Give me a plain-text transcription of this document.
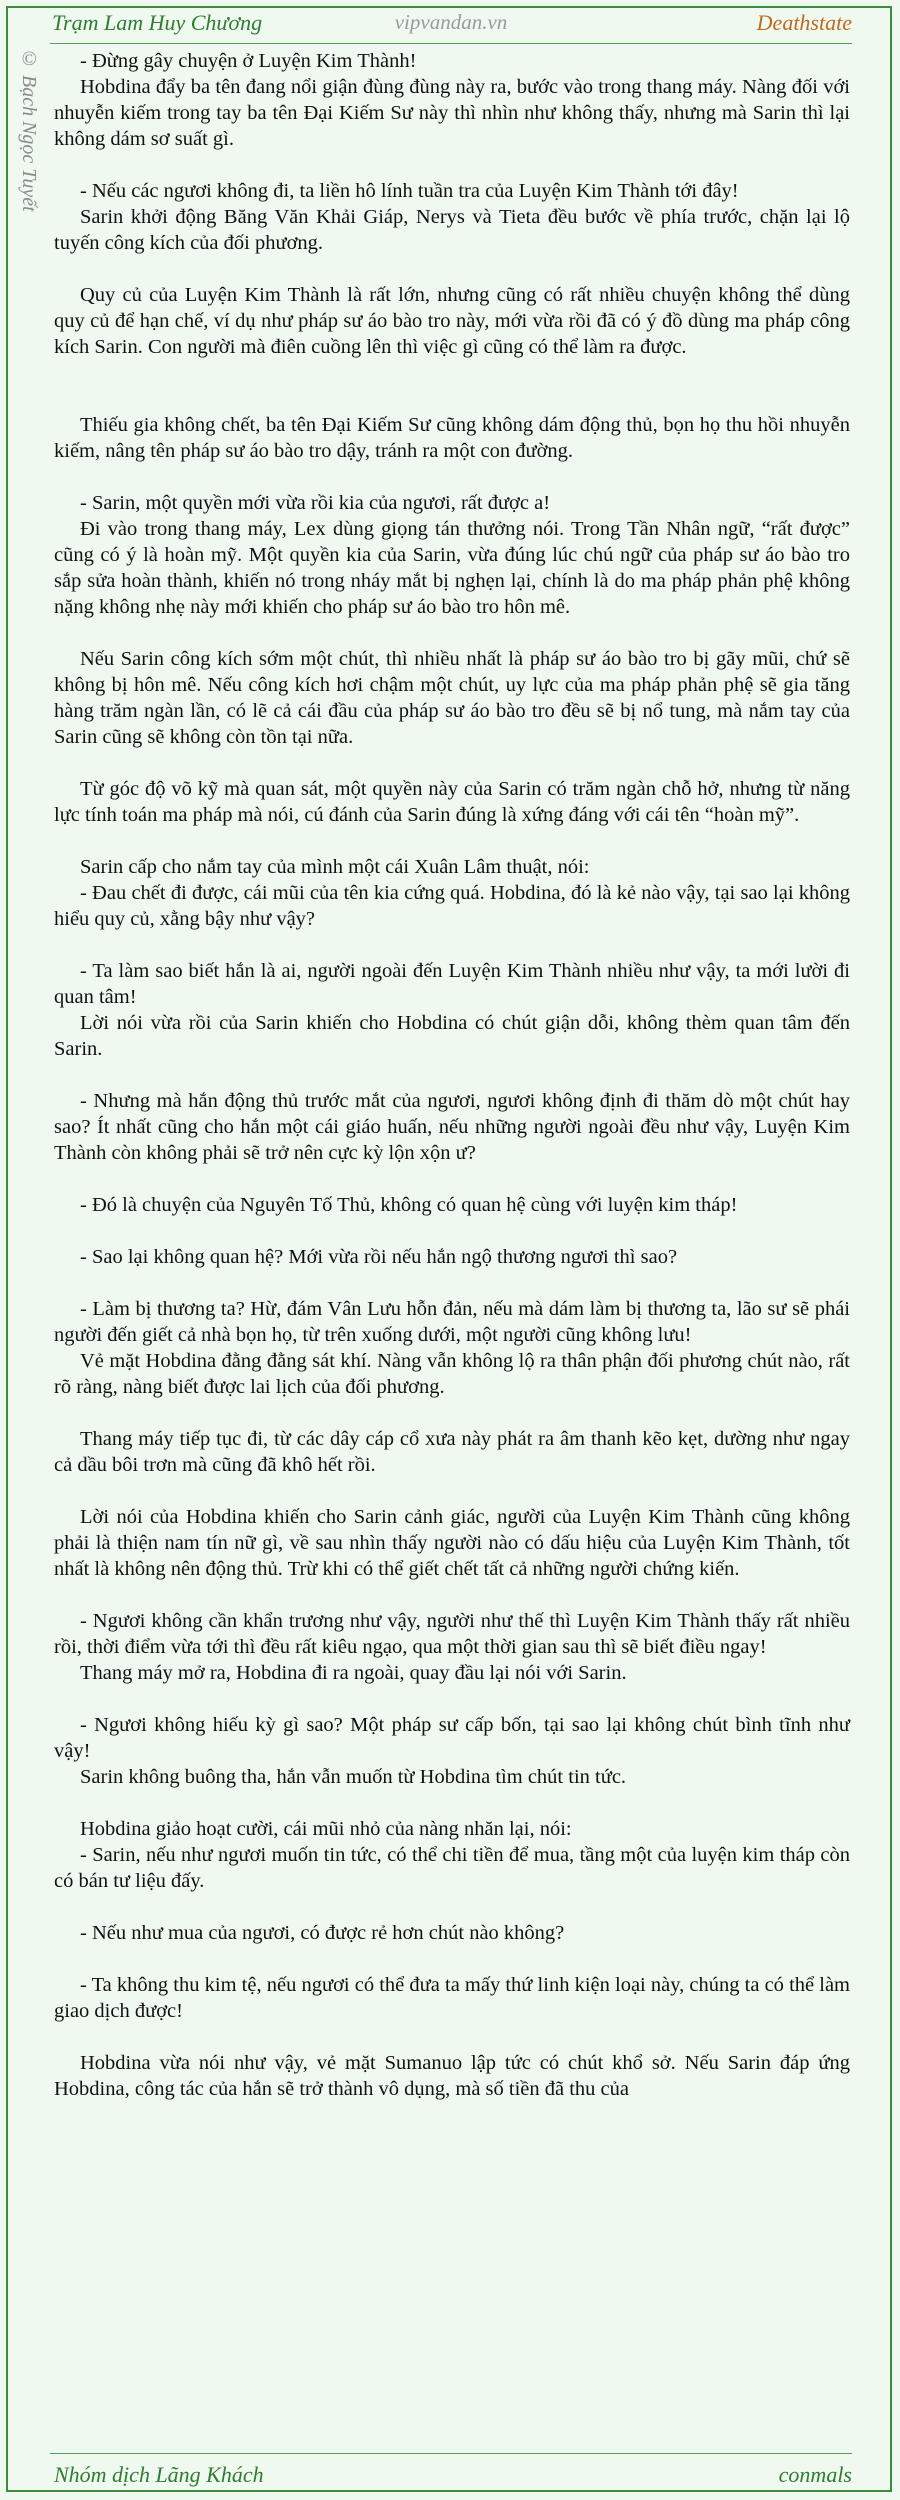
Trạm Lam Huy Chương	vipvandan.vn	Deathstate
© Bạch Ngọc Tuyết	- Đừng gây chuyện ở Luyện Kim Thành!

Hobdina đẩy ba tên đang nổi giận đùng đùng này ra, bước vào trong thang máy. Nàng đối với nhuyễn kiếm trong tay ba tên Đại Kiếm Sư này thì nhìn như không thấy, nhưng mà Sarin thì lại không dám sơ suất gì.

- Nếu các ngươi không đi, ta liền hô lính tuần tra của Luyện Kim Thành tới đây!

Sarin khởi động Băng Văn Khải Giáp, Nerys và Tieta đều bước về phía trước, chặn lại lộ tuyến công kích của đối phương.

Quy củ của Luyện Kim Thành là rất lớn, nhưng cũng có rất nhiều chuyện không thể dùng quy củ để hạn chế, ví dụ như pháp sư áo bào tro này, mới vừa rồi đã có ý đồ dùng ma pháp công kích Sarin. Con người mà điên cuồng lên thì việc gì cũng có thể làm ra được.

Thiếu gia không chết, ba tên Đại Kiếm Sư cũng không dám động thủ, bọn họ thu hồi nhuyễn kiếm, nâng tên pháp sư áo bào tro dậy, tránh ra một con đường.

- Sarin, một quyền mới vừa rồi kia của ngươi, rất được a!

Đi vào trong thang máy, Lex dùng giọng tán thưởng nói. Trong Tần Nhân ngữ, “rất được” cũng có ý là hoàn mỹ. Một quyền kia của Sarin, vừa đúng lúc chú ngữ của pháp sư áo bào tro sắp sửa hoàn thành, khiến nó trong nháy mắt bị nghẹn lại, chính là do ma pháp phản phệ không nặng không nhẹ này mới khiến cho pháp sư áo bào tro hôn mê.

Nếu Sarin công kích sớm một chút, thì nhiều nhất là pháp sư áo bào tro bị gãy mũi, chứ sẽ không bị hôn mê. Nếu công kích hơi chậm một chút, uy lực của ma pháp phản phệ sẽ gia tăng hàng trăm ngàn lần, có lẽ cả cái đầu của pháp sư áo bào tro đều sẽ bị nổ tung, mà nắm tay của Sarin cũng sẽ không còn tồn tại nữa.

Từ góc độ võ kỹ mà quan sát, một quyền này của Sarin có trăm ngàn chỗ hở, nhưng từ năng lực tính toán ma pháp mà nói, cú đánh của Sarin đúng là xứng đáng với cái tên “hoàn mỹ”.

Sarin cấp cho nắm tay của mình một cái Xuân Lâm thuật, nói:

- Đau chết đi được, cái mũi của tên kia cứng quá. Hobdina, đó là kẻ nào vậy, tại sao lại không hiểu quy củ, xằng bậy như vậy?

- Ta làm sao biết hắn là ai, người ngoài đến Luyện Kim Thành nhiều như vậy, ta mới lười đi quan tâm!

Lời nói vừa rồi của Sarin khiến cho Hobdina có chút giận dỗi, không thèm quan tâm đến Sarin.

- Nhưng mà hắn động thủ trước mắt của ngươi, ngươi không định đi thăm dò một chút hay sao? Ít nhất cũng cho hắn một cái giáo huấn, nếu những người ngoài đều như vậy, Luyện Kim Thành còn không phải sẽ trở nên cực kỳ lộn xộn ư?

- Đó là chuyện của Nguyên Tố Thủ, không có quan hệ cùng với luyện kim tháp!

- Sao lại không quan hệ? Mới vừa rồi nếu hắn ngộ thương ngươi thì sao?

- Làm bị thương ta? Hừ, đám Vân Lưu hỗn đản, nếu mà dám làm bị thương ta, lão sư sẽ phái người đến giết cả nhà bọn họ, từ trên xuống dưới, một người cũng không lưu!

Vẻ mặt Hobdina đằng đằng sát khí. Nàng vẫn không lộ ra thân phận đối phương chút nào, rất rõ ràng, nàng biết được lai lịch của đối phương.

Thang máy tiếp tục đi, từ các dây cáp cổ xưa này phát ra âm thanh kẽo kẹt, dường như ngay cả dầu bôi trơn mà cũng đã khô hết rồi.

Lời nói của Hobdina khiến cho Sarin cảnh giác, người của Luyện Kim Thành cũng không phải là thiện nam tín nữ gì, về sau nhìn thấy người nào có dấu hiệu của Luyện Kim Thành, tốt nhất là không nên động thủ. Trừ khi có thể giết chết tất cả những người chứng kiến.

- Ngươi không cần khẩn trương như vậy, người như thế thì Luyện Kim Thành thấy rất nhiều rồi, thời điểm vừa tới thì đều rất kiêu ngạo, qua một thời gian sau thì sẽ biết điều ngay!

Thang máy mở ra, Hobdina đi ra ngoài, quay đầu lại nói với Sarin.

- Ngươi không hiếu kỳ gì sao? Một pháp sư cấp bốn, tại sao lại không chút bình tĩnh như vậy!

Sarin không buông tha, hắn vẫn muốn từ Hobdina tìm chút tin tức.

Hobdina giảo hoạt cười, cái mũi nhỏ của nàng nhăn lại, nói:

- Sarin, nếu như ngươi muốn tin tức, có thể chi tiền để mua, tầng một của luyện kim tháp còn có bán tư liệu đấy.

- Nếu như mua của ngươi, có được rẻ hơn chút nào không?

- Ta không thu kim tệ, nếu ngươi có thể đưa ta mấy thứ linh kiện loại này, chúng ta có thể làm giao dịch được!

Hobdina vừa nói như vậy, vẻ mặt Sumanuo lập tức có chút khổ sở. Nếu Sarin đáp ứng Hobdina, công tác của hắn sẽ trở thành vô dụng, mà số tiền đã thu của

Nhóm dịch Lãng Khách	conmals
